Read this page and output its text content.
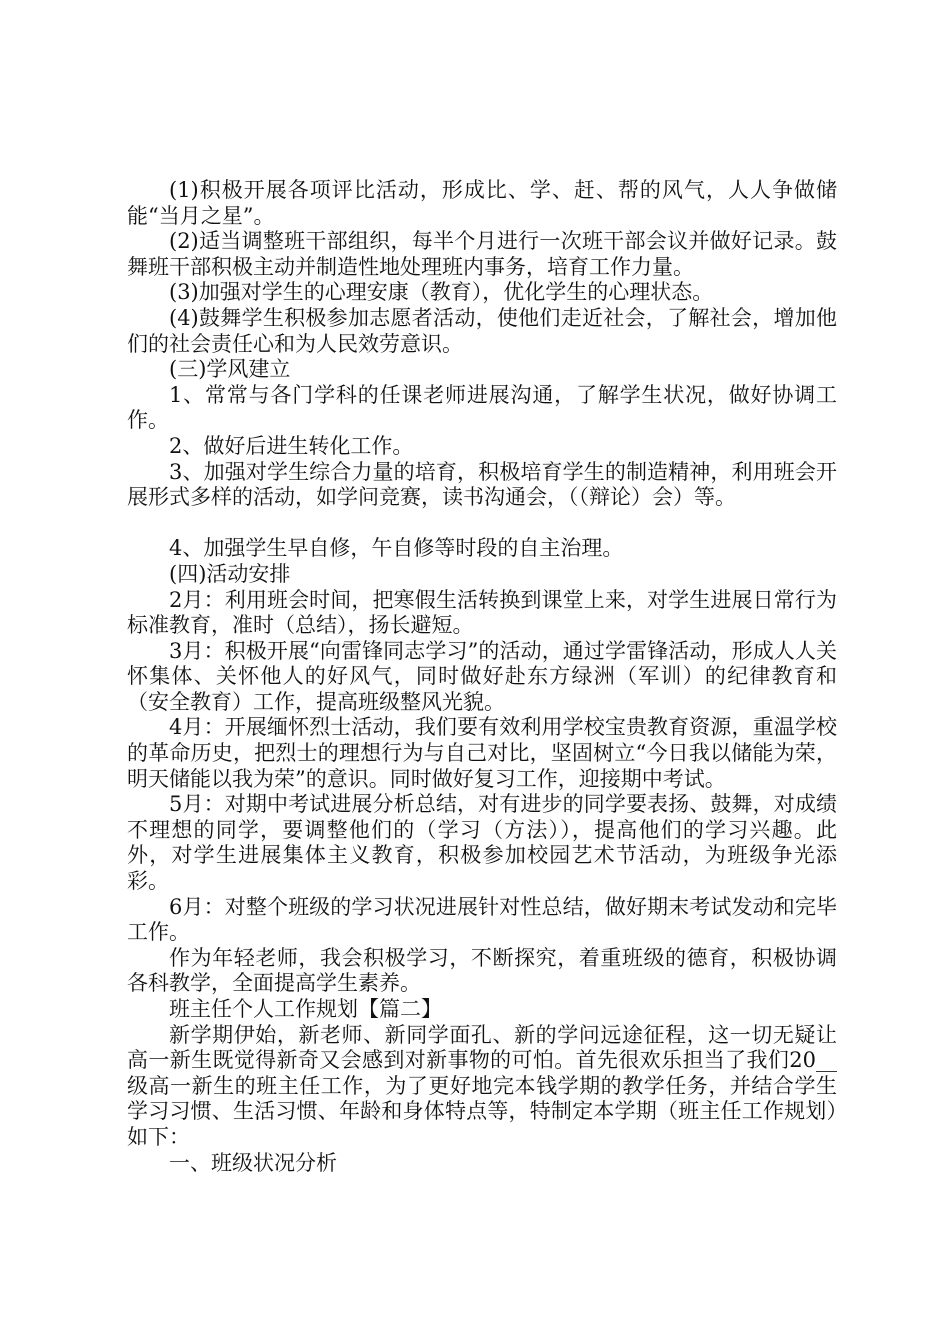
(1)积极开展各项评比活动，形成比、学、赶、帮的风气，人人争做储能“当月之星”。

(2)适当调整班干部组织，每半个月进行一次班干部会议并做好记录。鼓舞班干部积极主动并制造性地处理班内事务，培育工作力量。

(3)加强对学生的心理安康（教育），优化学生的心理状态。

(4)鼓舞学生积极参加志愿者活动，使他们走近社会，了解社会，增加他们的社会责任心和为人民效劳意识。

(三)学风建立

1、常常与各门学科的任课老师进展沟通，了解学生状况，做好协调工作。

2、做好后进生转化工作。

3、加强对学生综合力量的培育，积极培育学生的制造精神，利用班会开展形式多样的活动，如学问竞赛，读书沟通会，（（辩论）会）等。

4、加强学生早自修，午自修等时段的自主治理。

(四)活动安排

2月：利用班会时间，把寒假生活转换到课堂上来，对学生进展日常行为标准教育，准时（总结），扬长避短。

3月：积极开展“向雷锋同志学习”的活动，通过学雷锋活动，形成人人关怀集体、关怀他人的好风气，同时做好赴东方绿洲（军训）的纪律教育和（安全教育）工作，提高班级整风光貌。

4月：开展缅怀烈士活动，我们要有效利用学校宝贵教育资源，重温学校的革命历史，把烈士的理想行为与自己对比，坚固树立“今日我以储能为荣，明天储能以我为荣”的意识。同时做好复习工作，迎接期中考试。

5月：对期中考试进展分析总结，对有进步的同学要表扬、鼓舞，对成绩不理想的同学，要调整他们的（学习（方法）），提高他们的学习兴趣。此外，对学生进展集体主义教育，积极参加校园艺术节活动，为班级争光添彩。

6月：对整个班级的学习状况进展针对性总结，做好期末考试发动和完毕工作。

作为年轻老师，我会积极学习，不断探究，着重班级的德育，积极协调各科教学，全面提高学生素养。

班主任个人工作规划【篇二】

新学期伊始，新老师、新同学面孔、新的学问远途征程，这一切无疑让高一新生既觉得新奇又会感到对新事物的可怕。首先很欢乐担当了我们20__级高一新生的班主任工作，为了更好地完本钱学期的教学任务，并结合学生学习习惯、生活习惯、年龄和身体特点等，特制定本学期（班主任工作规划）如下：

一、班级状况分析
